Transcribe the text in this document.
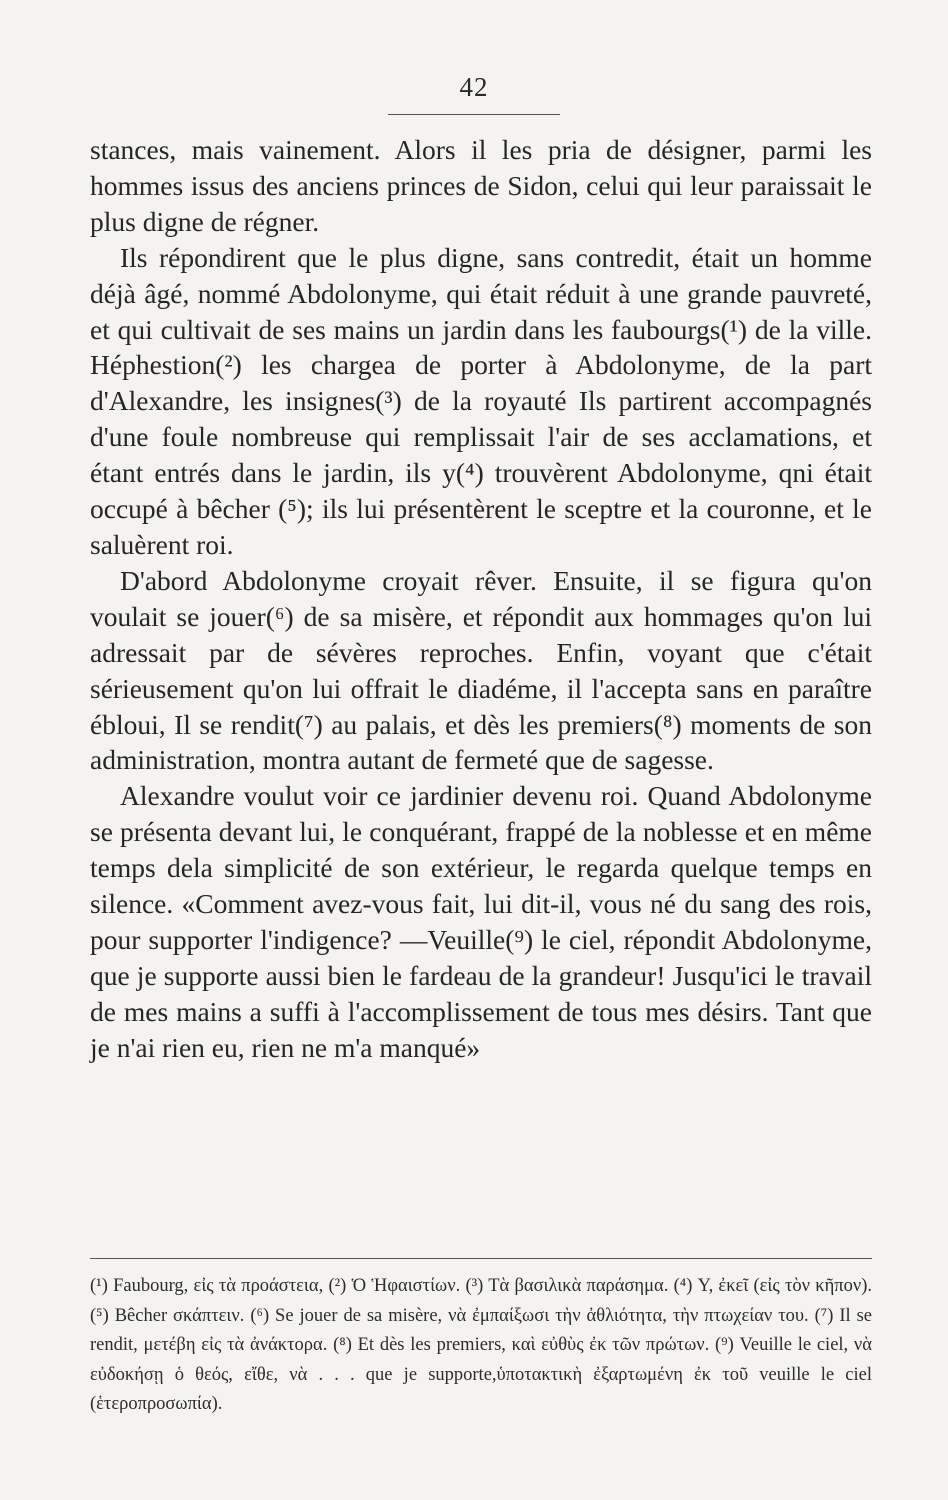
42

stances, mais vainement. Alors il les pria de désigner, parmi les hommes issus des anciens princes de Sidon, celui qui leur paraissait le plus digne de régner.

Ils répondirent que le plus digne, sans contredit, était un homme déjà âgé, nommé Abdolonyme, qui était réduit à une grande pauvreté, et qui cultivait de ses mains un jardin dans les faubourgs(¹) de la ville. Héphestion(²) les chargea de porter à Abdolonyme, de la part d'Alexandre, les insignes(³) de la royauté Ils partirent accompagnés d'une foule nombreuse qui remplissait l'air de ses acclamations, et étant entrés dans le jardin, ils y(⁴) trouvèrent Abdolonyme, qni était occupé à bêcher (⁵); ils lui présentèrent le sceptre et la couronne, et le saluèrent roi.

D'abord Abdolonyme croyait rêver. Ensuite, il se figura qu'on voulait se jouer(⁶) de sa misère, et répondit aux hommages qu'on lui adressait par de sévères reproches. Enfin, voyant que c'était sérieusement qu'on lui offrait le diadéme, il l'accepta sans en paraître ébloui, Il se rendit(⁷) au palais, et dès les premiers(⁸) moments de son administration, montra autant de fermeté que de sagesse.

Alexandre voulut voir ce jardinier devenu roi. Quand Abdolonyme se présenta devant lui, le conquérant, frappé de la noblesse et en même temps dela simplicité de son extérieur, le regarda quelque temps en silence. «Comment avez-vous fait, lui dit-il, vous né du sang des rois, pour supporter l'indigence? —Veuille(⁹) le ciel, répondit Abdolonyme, que je supporte aussi bien le fardeau de la grandeur! Jusqu'ici le travail de mes mains a suffi à l'accomplissement de tous mes désirs. Tant que je n'ai rien eu, rien ne m'a manqué»

(¹) Faubourg, εἰς τὰ προάστεια, (²) Ὁ Ἡφαιστίων. (³) Τὰ βασιλικὰ παράσημα. (⁴) Y, ἐκεῖ (εἰς τὸν κῆπον). (⁵) Bêcher σκάπτειν. (⁶) Se jouer de sa misère, νὰ ἐμπαίξωσι τὴν ἀθλιότητα, τὴν πτωχείαν του. (⁷) Il se rendit, μετέβη εἰς τὰ ἀνάκτορα. (⁸) Et dès les premiers, καὶ εὐθὺς ἐκ τῶν πρώτων. (⁹) Veuille le ciel, νὰ εὐδοκήσῃ ὁ θεός, εἴθε, νὰ . . . que je supporte,ὑποτακτικὴ ἐξαρτωμένη ἐκ τοῦ veuille le ciel (ἑτεροπροσωπία).
